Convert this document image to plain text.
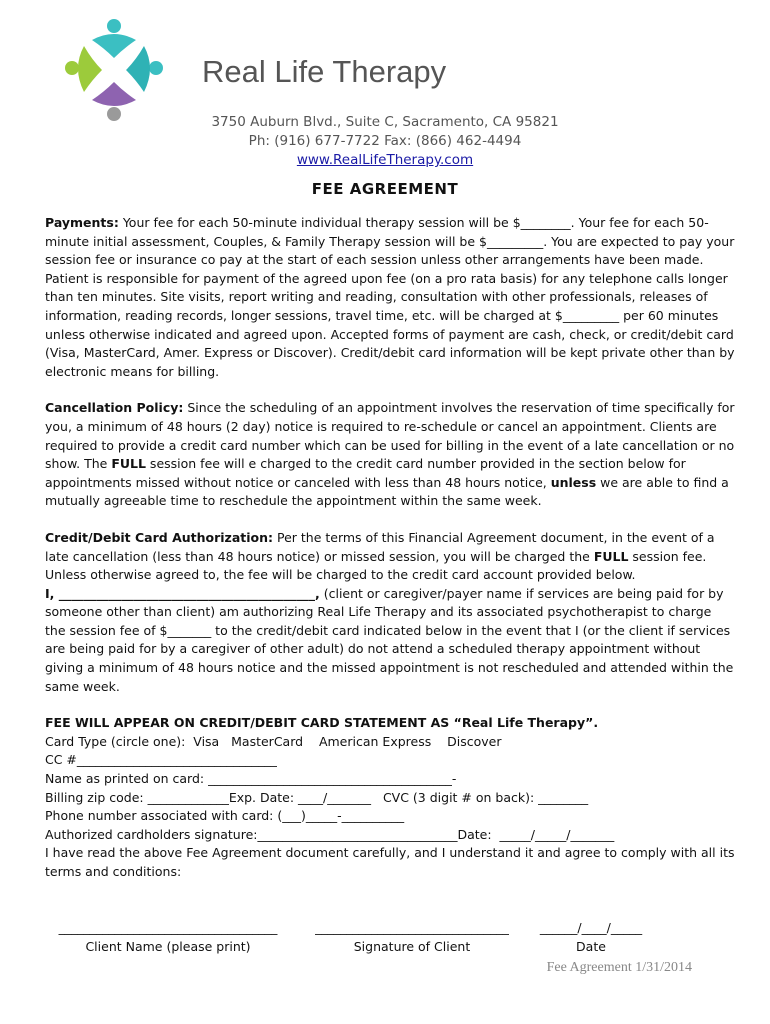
Real Life Therapy
3750 Auburn Blvd., Suite C, Sacramento, CA 95821
Ph: (916) 677-7722 Fax: (866) 462-4494
www.RealLifeTherapy.com
FEE AGREEMENT

Payments: Your fee for each 50-minute individual therapy session will be $________. Your fee for each 50-minute initial assessment, Couples, & Family Therapy session will be $_________. You are expected to pay your session fee or insurance co pay at the start of each session unless other arrangements have been made. Patient is responsible for payment of the agreed upon fee (on a pro rata basis) for any telephone calls longer than ten minutes. Site visits, report writing and reading, consultation with other professionals, releases of information, reading records, longer sessions, travel time, etc. will be charged at $_________ per 60 minutes unless otherwise indicated and agreed upon. Accepted forms of payment are cash, check, or credit/debit card (Visa, MasterCard, Amer. Express or Discover). Credit/debit card information will be kept private other than by electronic means for billing.

Cancellation Policy: Since the scheduling of an appointment involves the reservation of time specifically for you, a minimum of 48 hours (2 day) notice is required to re-schedule or cancel an appointment. Clients are required to provide a credit card number which can be used for billing in the event of a late cancellation or no show. The FULL session fee will e charged to the credit card number provided in the section below for appointments missed without notice or canceled with less than 48 hours notice, unless we are able to find a mutually agreeable time to reschedule the appointment within the same week.

Credit/Debit Card Authorization: Per the terms of this Financial Agreement document, in the event of a late cancellation (less than 48 hours notice) or missed session, you will be charged the FULL session fee. Unless otherwise agreed to, the fee will be charged to the credit card account provided below.
I, _________________________________________, (client or caregiver/payer name if services are being paid for by someone other than client) am authorizing Real Life Therapy and its associated psychotherapist to charge the session fee of $_______ to the credit/debit card indicated below in the event that I (or the client if services are being paid for by a caregiver of other adult) do not attend a scheduled therapy appointment without giving a minimum of 48 hours notice and the missed appointment is not rescheduled and attended within the same week.

FEE WILL APPEAR ON CREDIT/DEBIT CARD STATEMENT AS “Real Life Therapy”.

Card Type (circle one):  Visa   MasterCard    American Express    Discover

CC #________________________________

Name as printed on card: _______________________________________-

Billing zip code: _____________Exp. Date: ____/_______   CVC (3 digit # on back): ________

Phone number associated with card: (___)_____-__________

Authorized cardholders signature:________________________________Date:  _____/_____/_______

I have read the above Fee Agreement document carefully, and I understand it and agree to comply with all its terms and conditions:

___________________________________
Client Name (please print)
_______________________________
Signature of Client
______/____/_____
Date
Fee Agreement 1/31/2014
